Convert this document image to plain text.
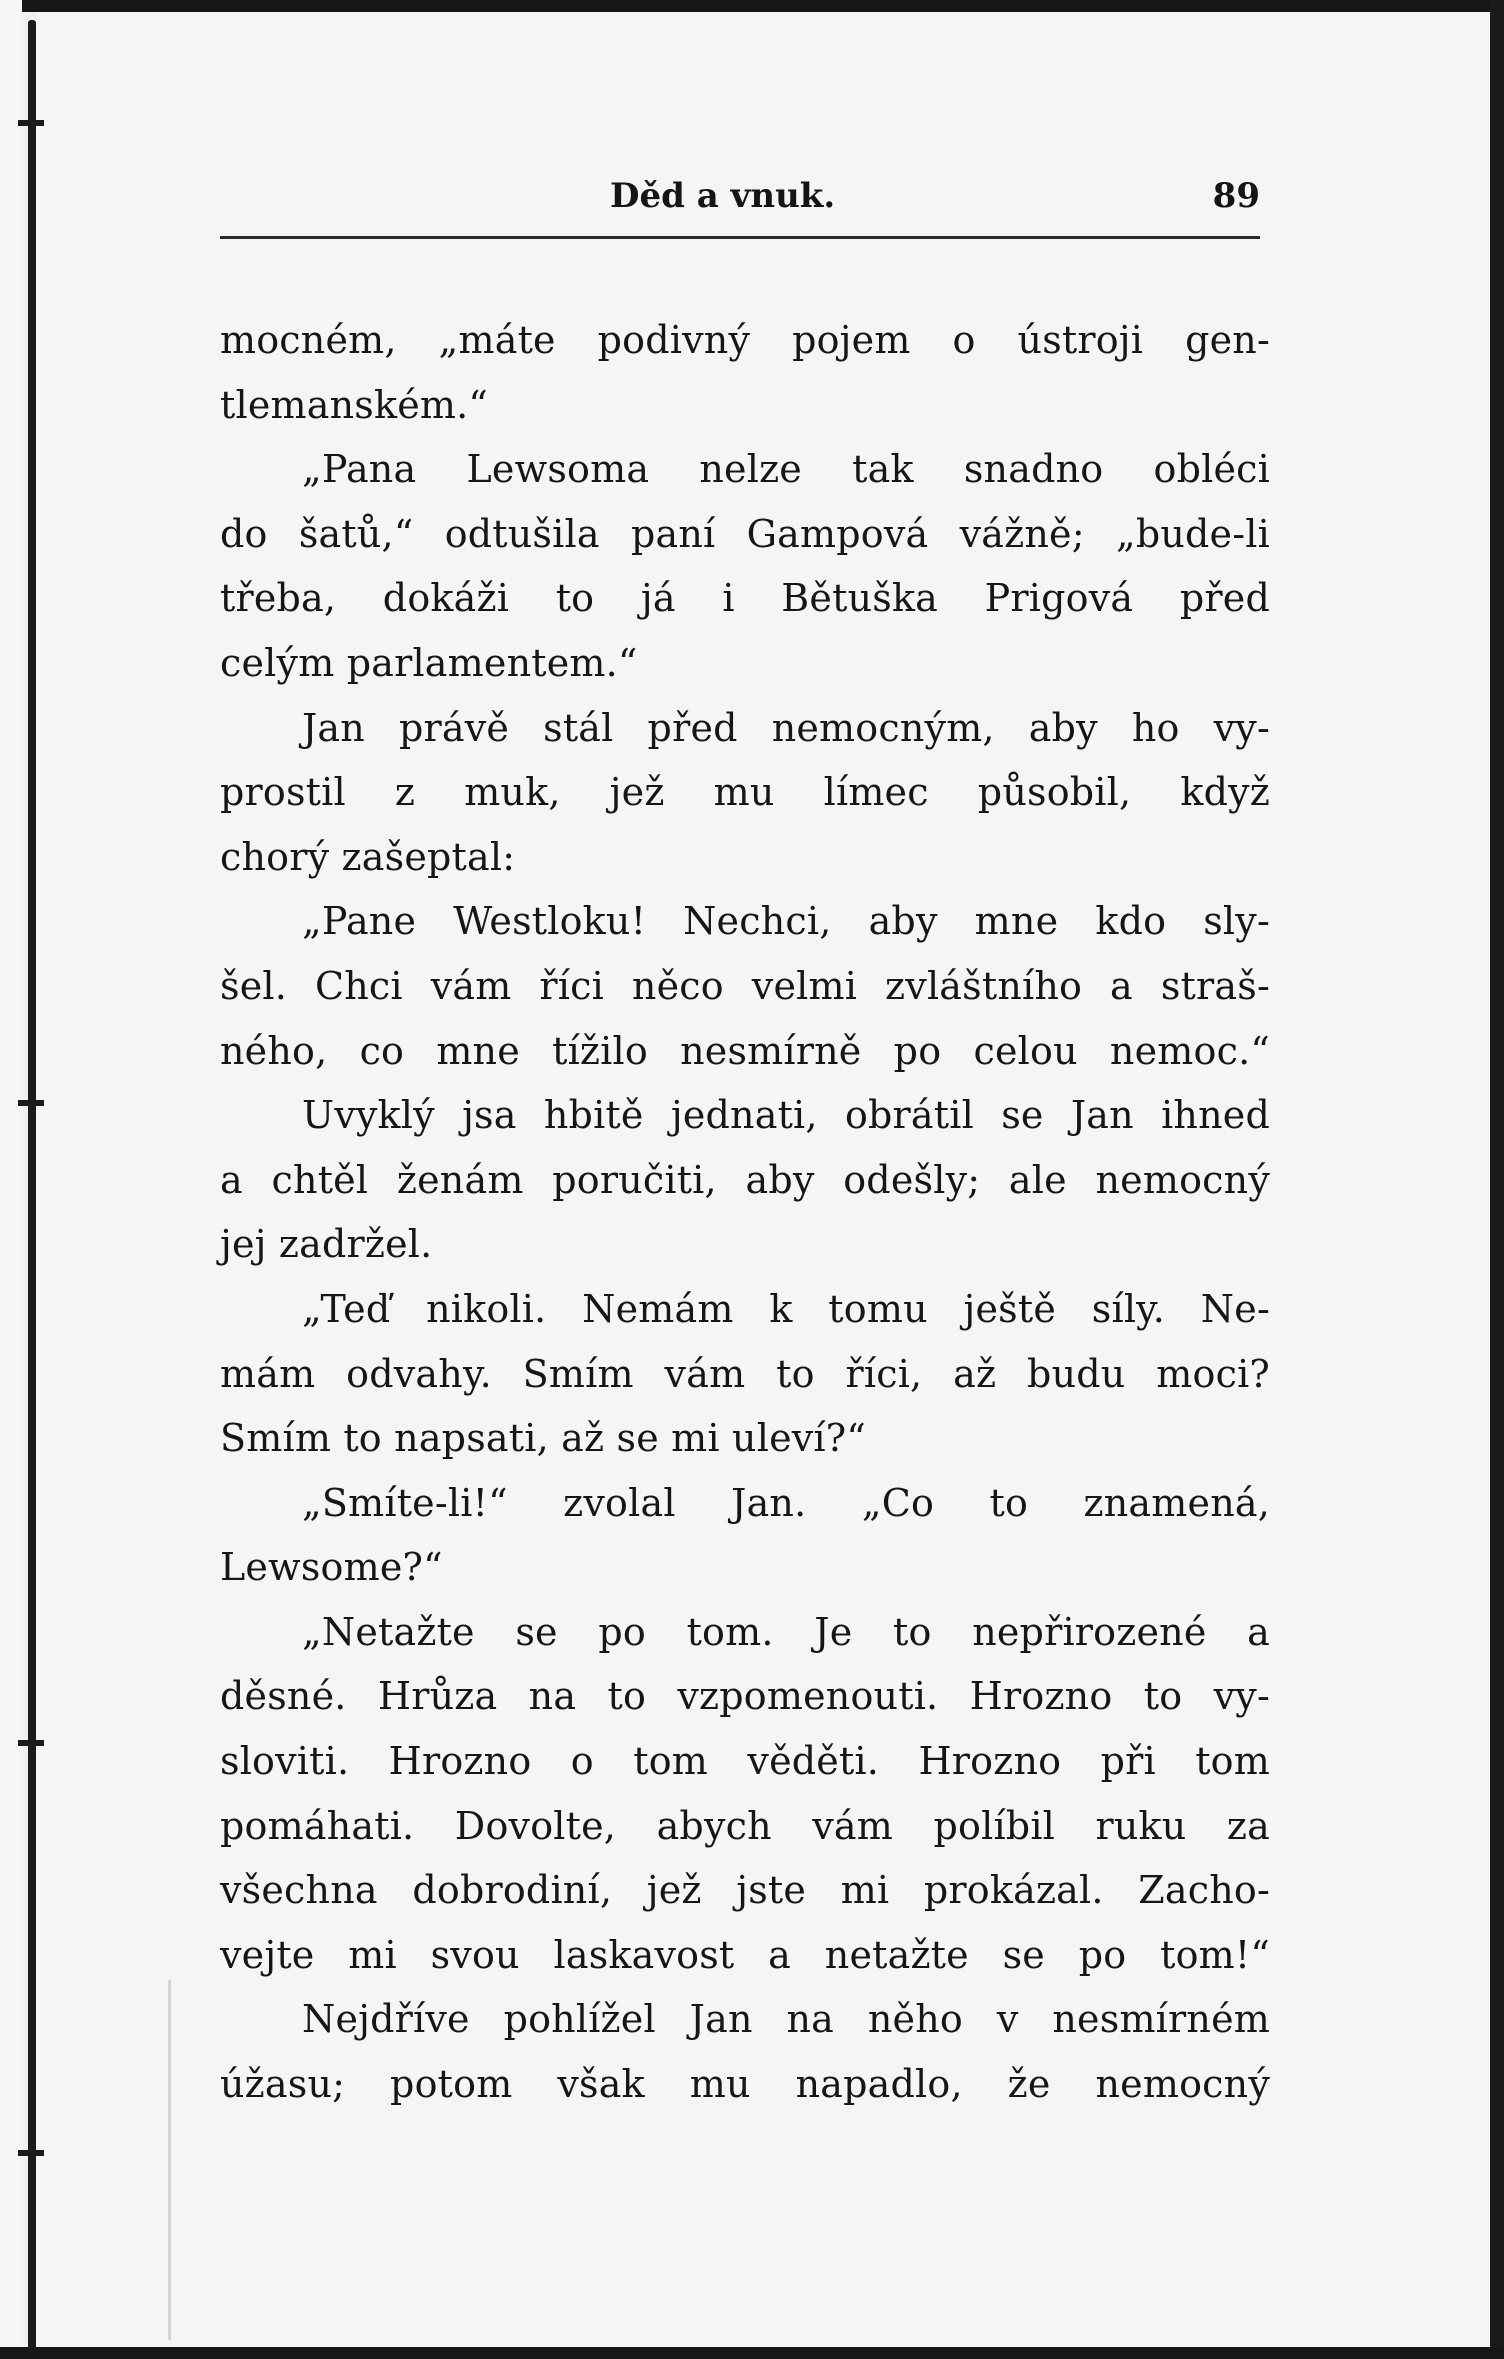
Děd a vnuk.	89
mocném, „máte podivný pojem o ústroji gen-
tlemanském.“
„Pana Lewsoma nelze tak snadno obléci
do šatů,“ odtušila paní Gampová vážně; „bude-li
třeba, dokáži to já i Bětuška Prigová před
celým parlamentem.“
Jan právě stál před nemocným, aby ho vy-
prostil z muk, jež mu límec působil, když
chorý zašeptal:
„Pane Westloku! Nechci, aby mne kdo sly-
šel. Chci vám říci něco velmi zvláštního a straš-
ného, co mne tížilo nesmírně po celou nemoc.“
Uvyklý jsa hbitě jednati, obrátil se Jan ihned
a chtěl ženám poručiti, aby odešly; ale nemocný
jej zadržel.
„Teď nikoli. Nemám k tomu ještě síly. Ne-
mám odvahy. Smím vám to říci, až budu moci?
Smím to napsati, až se mi uleví?“
„Smíte-li!“ zvolal Jan. „Co to znamená,
Lewsome?“
„Netažte se po tom. Je to nepřirozené a
děsné. Hrůza na to vzpomenouti. Hrozno to vy-
sloviti. Hrozno o tom věděti. Hrozno při tom
pomáhati. Dovolte, abych vám políbil ruku za
všechna dobrodiní, jež jste mi prokázal. Zacho-
vejte mi svou laskavost a netažte se po tom!“
Nejdříve pohlížel Jan na něho v nesmírném
úžasu; potom však mu napadlo, že nemocný
